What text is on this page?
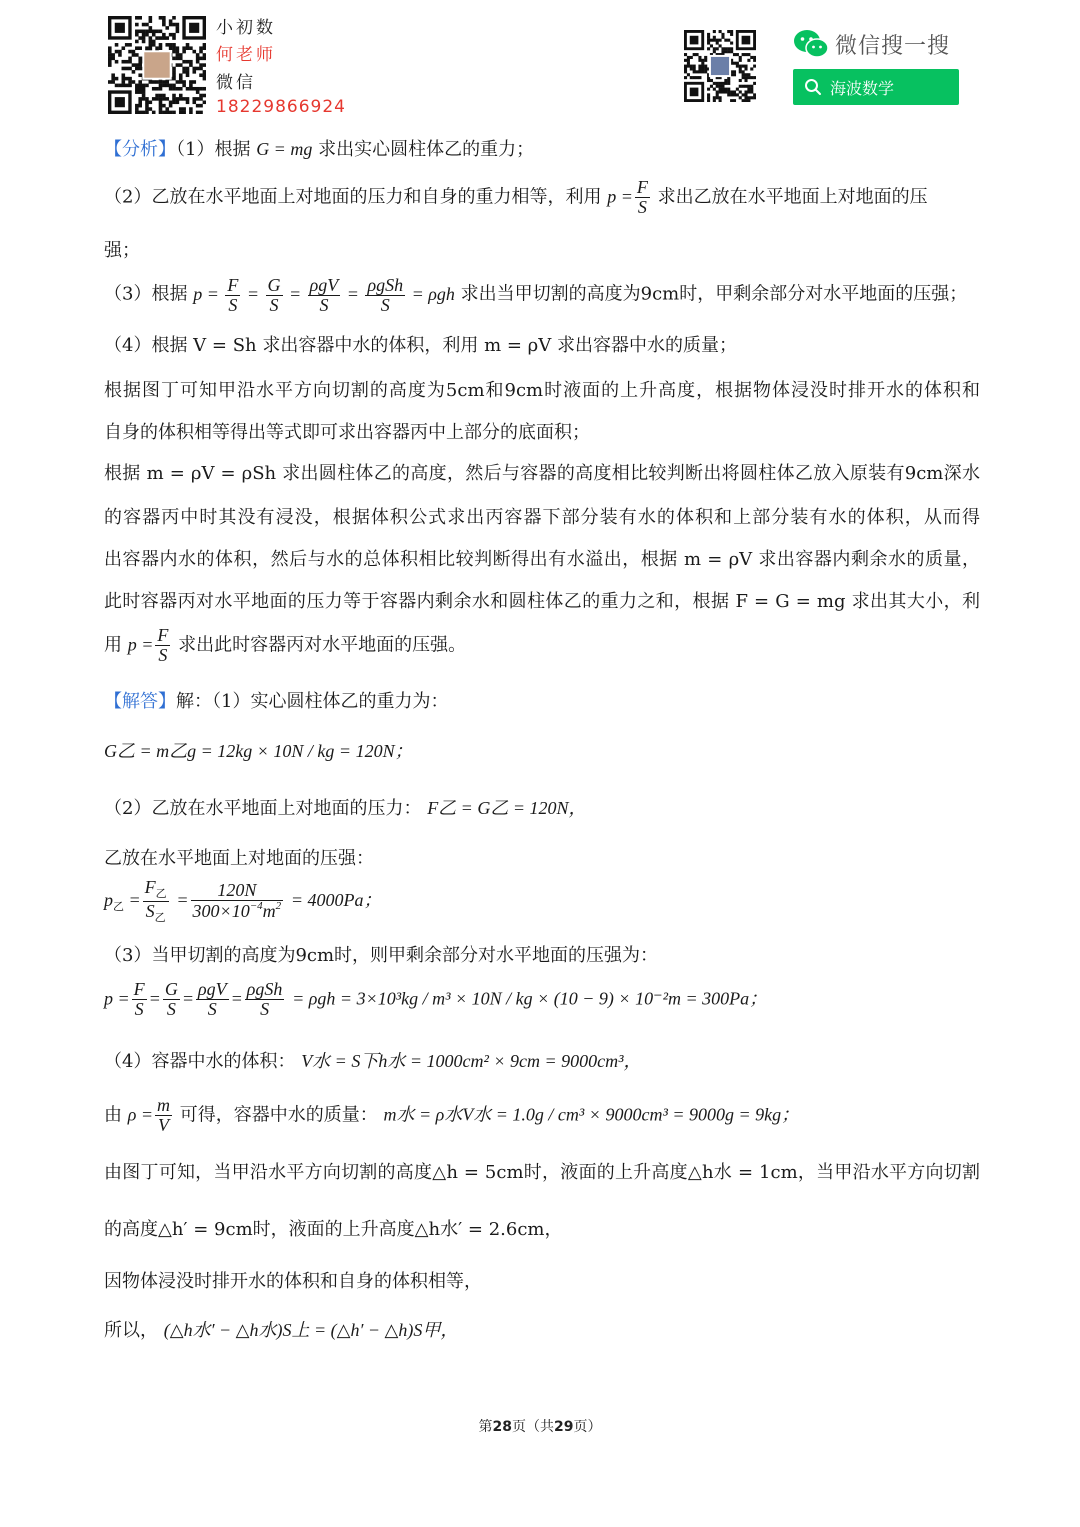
小初数
何老师
微信
18229866924
微信搜一搜
海波数学
【分析】（1）根据 G = mg 求出实心圆柱体乙的重力；
（2）乙放在水平地面上对地面的压力和自身的重力相等，利用 $p = \frac{F}{S}$ 求出乙放在水平地面上对地面的压
强；
（3）根据 $p = \frac{F}{S} = \frac{G}{S} = \frac{\text{ρgV}}{S} = \frac{\text{ρgSh}}{S} = \rho gh$ 求出当甲切割的高度为9cm时，甲剩余部分对水平地面的压强；
（4）根据 V = Sh 求出容器中水的体积，利用 m = ρV 求出容器中水的质量；
根据图丁可知甲沿水平方向切割的高度为5cm和9cm时液面的上升高度，根据物体浸没时排开水的体积和
自身的体积相等得出等式即可求出容器丙中上部分的底面积；
根据 m = ρV = ρSh 求出圆柱体乙的高度，然后与容器的高度相比较判断出将圆柱体乙放入原装有9cm深水
的容器丙中时其没有浸没，根据体积公式求出丙容器下部分装有水的体积和上部分装有水的体积，从而得
出容器内水的体积，然后与水的总体积相比较判断得出有水溢出，根据 m = ρV 求出容器内剩余水的质量，
此时容器丙对水平地面的压力等于容器内剩余水和圆柱体乙的重力之和，根据 F = G = mg 求出其大小，利
用 $p = \frac{F}{S}$ 求出此时容器丙对水平地面的压强。
【解答】解：（1）实心圆柱体乙的重力为：
G乙 = m乙g = 12kg × 10N / kg = 120N；
（2）乙放在水平地面上对地面的压力： F乙 = G乙 = 120N，
乙放在水平地面上对地面的压强：
$p_乙 = \frac{F_乙}{S_乙} = \frac{120N}{300\times 10^{-4}m^2} = 4000Pa$；
（3）当甲切割的高度为9cm时，则甲剩余部分对水平地面的压强为：
$p = \frac{F}{S} = \frac{G}{S} = \frac{\text{ρgV}}{S} = \frac{\text{ρgSh}}{S} = \rho gh = 3\times 10^3kg / m^3 \times 10N$ / kg × (10 − 9) × 10⁻²m = 300Pa；
（4）容器中水的体积： V水 = S下h水 = 1000cm² × 9cm = 9000cm³，
由 $\rho = \frac{m}{V}$ 可得，容器中水的质量： m水 = ρ水V水 = 1.0g / cm³ × 9000cm³ = 9000g = 9kg；
由图丁可知，当甲沿水平方向切割的高度△h = 5cm时，液面的上升高度△h水 = 1cm，当甲沿水平方向切割
的高度△h′ = 9cm时，液面的上升高度△h水′ = 2.6cm，
因物体浸没时排开水的体积和自身的体积相等，
所以， (△h水′ − △h水)S上 = (△h′ − △h)S甲，
第28页（共29页）
